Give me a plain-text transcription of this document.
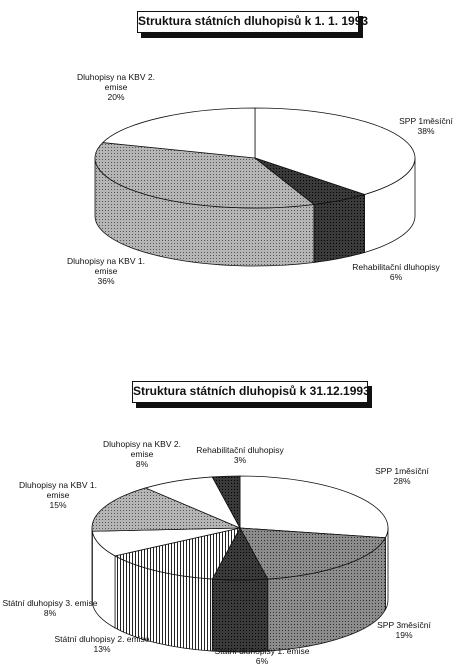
Struktura státních dluhopisů k 1. 1. 1993
Struktura státních dluhopisů k 31.12.1993
SPP 1měsíční 38%
Rehabilitační dluhopisy 6%
Dluhopisy na KBV 1. emise 36%
Dluhopisy na KBV 2. emise 20%
SPP 1měsíční 28%
SPP 3měsíční 19%
Státní dluhopisy 1. emise 6%
Státní dluhopisy 2. emise 13%
Státní dluhopisy 3. emise 8%
Dluhopisy na KBV 1. emise 15%
Dluhopisy na KBV 2. emise 8%
Rehabilitační dluhopisy 3%
